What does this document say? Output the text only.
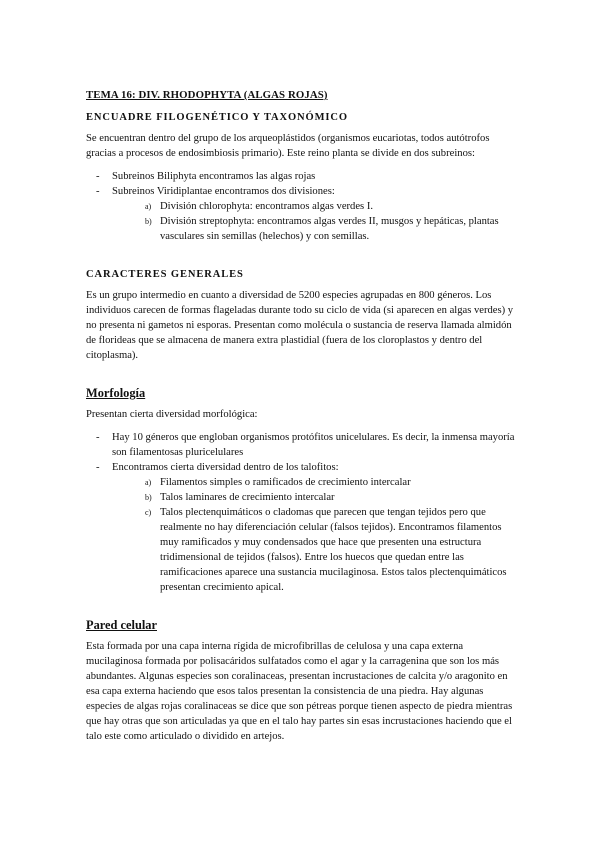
TEMA 16: DIV. RHODOPHYTA (ALGAS ROJAS)
ENCUADRE FILOGENÉTICO Y TAXONÓMICO

Se encuentran dentro del grupo de los arqueoplástidos (organismos eucariotas, todos autótrofos gracias a procesos de endosimbiosis primario). Este reino planta se divide en dos subreinos:

- Subreinos Biliphyta encontramos las algas rojas
- Subreinos Viridiplantae encontramos dos divisiones:
a) División chlorophyta: encontramos algas verdes I.
b) División streptophyta: encontramos algas verdes II, musgos y hepáticas, plantas vasculares sin semillas (helechos) y con semillas.
CARACTERES GENERALES

Es un grupo intermedio en cuanto a diversidad de 5200 especies agrupadas en 800 géneros. Los individuos carecen de formas flageladas durante todo su ciclo de vida (si aparecen en algas verdes) y no presenta ni gametos ni esporas. Presentan como molécula o sustancia de reserva llamada almidón de florideas que se almacena de manera extra plastidial (fuera de los cloroplastos y dentro del citoplasma).

Morfología

Presentan cierta diversidad morfológica:

- Hay 10 géneros que engloban organismos protófitos unicelulares. Es decir, la inmensa mayoría son filamentosas pluricelulares
- Encontramos cierta diversidad dentro de los talofitos:
a) Filamentos simples o ramificados de crecimiento intercalar
b) Talos laminares de crecimiento intercalar
c) Talos plectenquimáticos o cladomas que parecen que tengan tejidos pero que realmente no hay diferenciación celular (falsos tejidos). Encontramos filamentos muy ramificados y muy condensados que hace que presenten una estructura tridimensional de tejidos (falsos). Entre los huecos que quedan entre las ramificaciones aparece una sustancia mucilaginosa. Estos talos plectenquimáticos presentan crecimiento apical.
Pared celular

Esta formada por una capa interna rígida de microfibrillas de celulosa y una capa externa mucilaginosa formada por polisacáridos sulfatados como el agar y la carragenina que son los más abundantes. Algunas especies son coralinaceas, presentan incrustaciones de calcita y/o aragonito en esa capa externa haciendo que esos talos presentan la consistencia de una piedra. Hay algunas especies de algas rojas coralinaceas se dice que son pétreas porque tienen aspecto de piedra mientras que hay otras que son articuladas ya que en el talo hay partes sin esas incrustaciones haciendo que el talo este como articulado o dividido en artejos.
